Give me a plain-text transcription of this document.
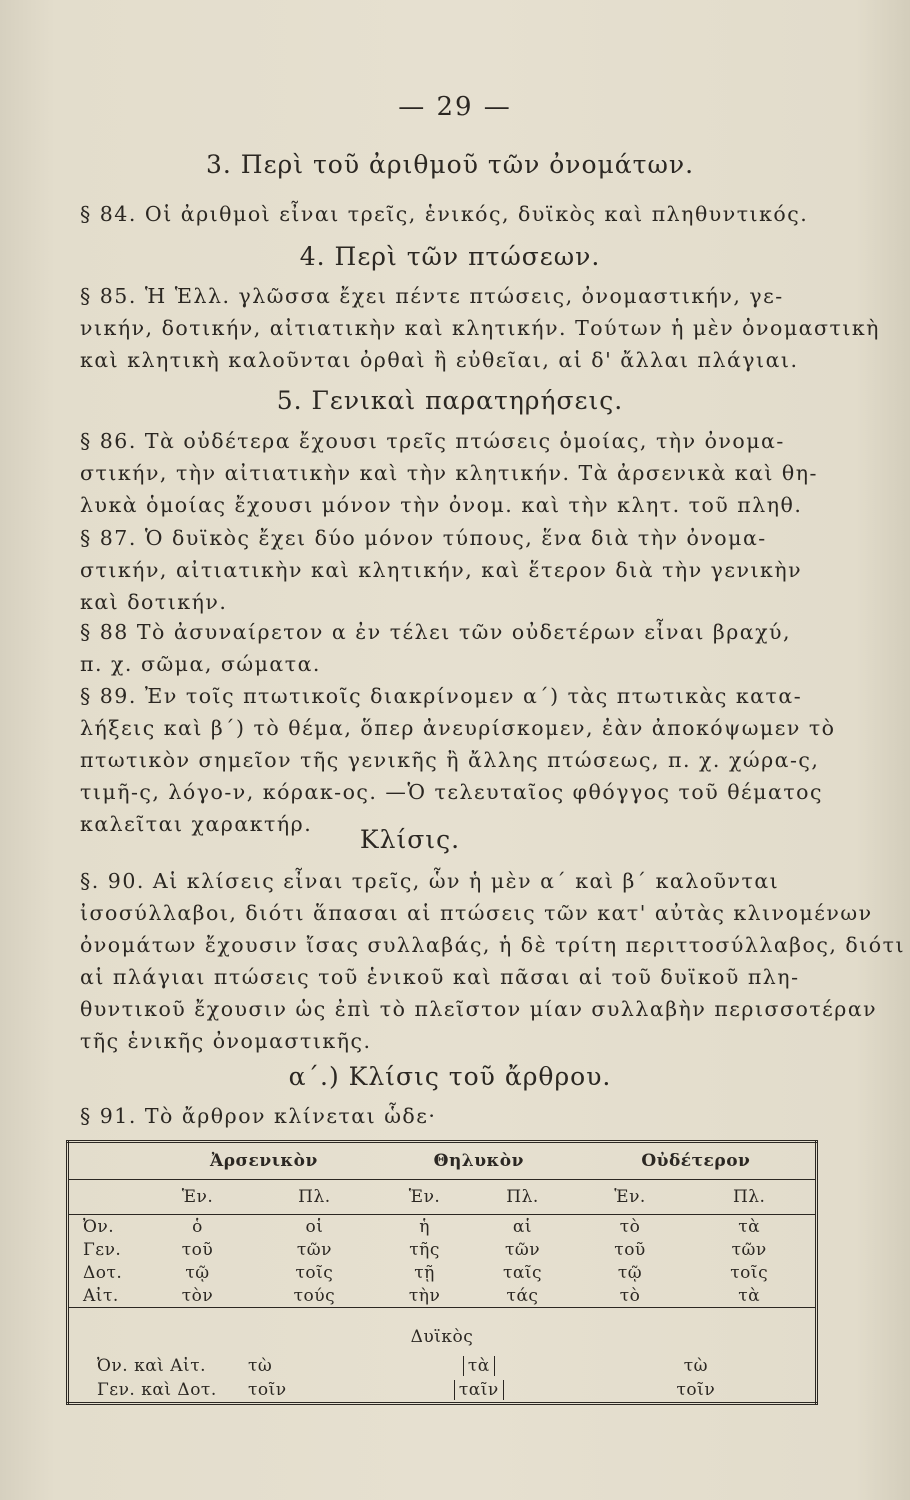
— 29 —
3. Περὶ τοῦ ἀριθμοῦ τῶν ὀνομάτων.
§ 84. Οἱ ἀριθμοὶ εἶναι τρεῖς, ἑνικός, δυϊκὸς καὶ πληθυντικός.
4. Περὶ τῶν πτώσεων.
§ 85. Ἡ Ἑλλ. γλῶσσα ἔχει πέντε πτώσεις, ὀνομαστικήν, γε-
νικήν, δοτικήν, αἰτιατικὴν καὶ κλητικήν. Τούτων ἡ μὲν ὀνομαστικὴ
καὶ κλητικὴ καλοῦνται ὀρθαὶ ἢ εὐθεῖαι, αἱ δ' ἄλλαι πλάγιαι.
5. Γενικαὶ παρατηρήσεις.
§ 86. Τὰ οὐδέτερα ἔχουσι τρεῖς πτώσεις ὁμοίας, τὴν ὀνομα-
στικήν, τὴν αἰτιατικὴν καὶ τὴν κλητικήν. Τὰ ἀρσενικὰ καὶ θη-
λυκὰ ὁμοίας ἔχουσι μόνον τὴν ὀνομ. καὶ τὴν κλητ. τοῦ πληθ.
§ 87. Ὁ δυϊκὸς ἔχει δύο μόνον τύπους, ἕνα διὰ τὴν ὀνομα-
στικήν, αἰτιατικὴν καὶ κλητικήν, καὶ ἕτερον διὰ τὴν γενικὴν
καὶ δοτικήν.
§ 88 Τὸ ἀσυναίρετον α ἐν τέλει τῶν οὐδετέρων εἶναι βραχύ,
π. χ. σῶμα, σώματα.
§ 89. Ἐν τοῖς πτωτικοῖς διακρίνομεν α΄) τὰς πτωτικὰς κατα-
λήξεις καὶ β΄) τὸ θέμα, ὅπερ ἀνευρίσκομεν, ἐὰν ἀποκόψωμεν τὸ
πτωτικὸν σημεῖον τῆς γενικῆς ἢ ἄλλης πτώσεως, π. χ. χώρα-ς,
τιμῆ-ς, λόγο-ν, κόρακ-ος. —Ὁ τελευταῖος φθόγγος τοῦ θέματος
καλεῖται χαρακτήρ.
Κλίσις.
§. 90. Αἱ κλίσεις εἶναι τρεῖς, ὧν ἡ μὲν α΄ καὶ β΄ καλοῦνται
ἰσοσύλλαβοι, διότι ἅπασαι αἱ πτώσεις τῶν κατ' αὐτὰς κλινομένων
ὀνομάτων ἔχουσιν ἴσας συλλαβάς, ἡ δὲ τρίτη περιττοσύλλαβος, διότι
αἱ πλάγιαι πτώσεις τοῦ ἑνικοῦ καὶ πᾶσαι αἱ τοῦ δυϊκοῦ πλη-
θυντικοῦ ἔχουσιν ὡς ἐπὶ τὸ πλεῖστον μίαν συλλαβὴν περισσοτέραν
τῆς ἑνικῆς ὀνομαστικῆς.
α΄.) Κλίσις τοῦ ἄρθρου.
§ 91. Τὸ ἄρθρον κλίνεται ὧδε·
	Ἀρσενικὸν		Θηλυκὸν		Οὐδέτερον	
	Ἑν.	Πλ.	Ἑν.	Πλ.	Ἑν.	Πλ.
Ὀν.	ὁ	οἱ	ἡ	αἱ	τὸ	τὰ
Γεν.	τοῦ	τῶν	τῆς	τῶν	τοῦ	τῶν
Δοτ.	τῷ	τοῖς	τῇ	ταῖς	τῷ	τοῖς
Αἰτ.	τὸν	τούς	τὴν	τάς	τὸ	τὰ
Δυϊκὸς						
Ὀν. καὶ Αἰτ.		τὼ	τὰ		τὼ	
Γεν. καὶ Δοτ.		τοῖν	ταῖν		τοῖν	
